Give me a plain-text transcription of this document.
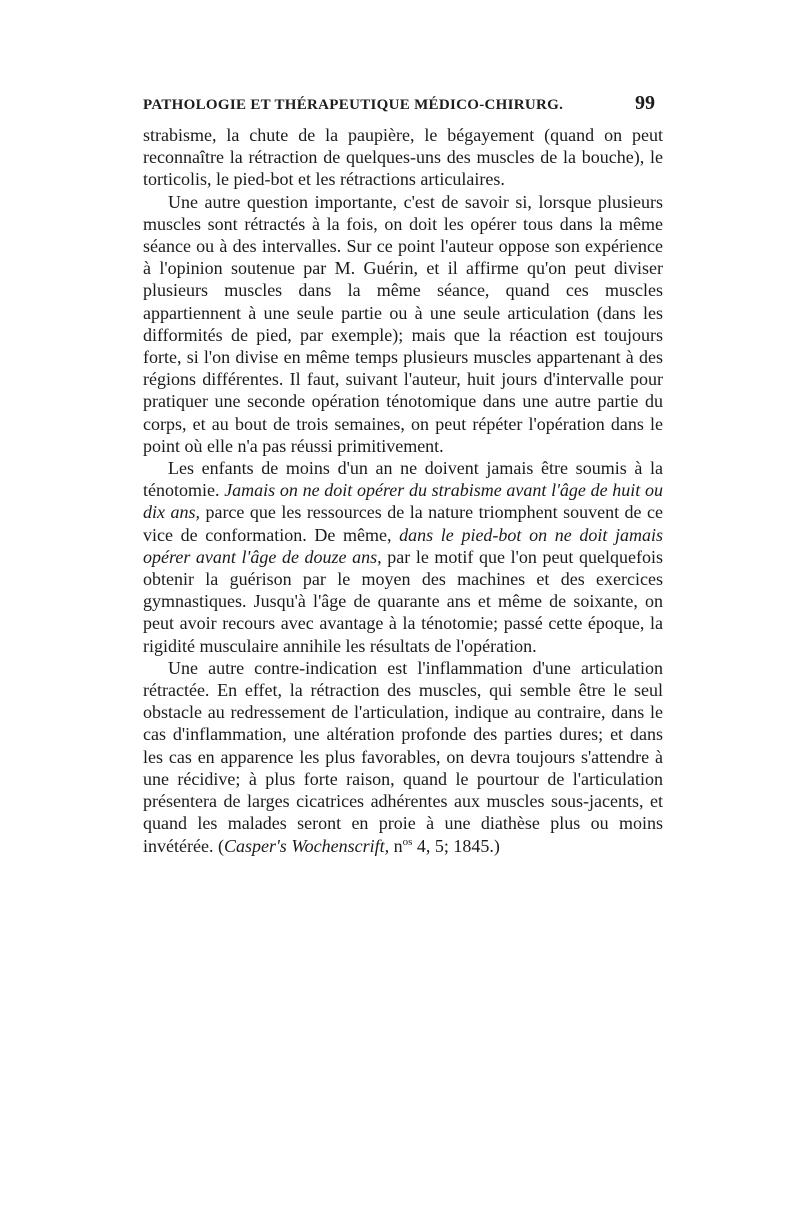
PATHOLOGIE ET THÉRAPEUTIQUE MÉDICO-CHIRURG.	99

strabisme, la chute de la paupière, le bégayement (quand on peut reconnaître la rétraction de quelques-uns des muscles de la bouche), le torticolis, le pied-bot et les rétractions articulaires.

Une autre question importante, c'est de savoir si, lorsque plusieurs muscles sont rétractés à la fois, on doit les opérer tous dans la même séance ou à des intervalles. Sur ce point l'auteur oppose son expérience à l'opinion soutenue par M. Guérin, et il affirme qu'on peut diviser plusieurs muscles dans la même séance, quand ces muscles appartiennent à une seule partie ou à une seule articulation (dans les difformités de pied, par exemple); mais que la réaction est toujours forte, si l'on divise en même temps plusieurs muscles appartenant à des régions différentes. Il faut, suivant l'auteur, huit jours d'intervalle pour pratiquer une seconde opération ténotomique dans une autre partie du corps, et au bout de trois semaines, on peut répéter l'opération dans le point où elle n'a pas réussi primitivement.

Les enfants de moins d'un an ne doivent jamais être soumis à la ténotomie. Jamais on ne doit opérer du strabisme avant l'âge de huit ou dix ans, parce que les ressources de la nature triomphent souvent de ce vice de conformation. De même, dans le pied-bot on ne doit jamais opérer avant l'âge de douze ans, par le motif que l'on peut quelquefois obtenir la guérison par le moyen des machines et des exercices gymnastiques. Jusqu'à l'âge de quarante ans et même de soixante, on peut avoir recours avec avantage à la ténotomie; passé cette époque, la rigidité musculaire annihile les résultats de l'opération.

Une autre contre-indication est l'inflammation d'une articulation rétractée. En effet, la rétraction des muscles, qui semble être le seul obstacle au redressement de l'articulation, indique au contraire, dans le cas d'inflammation, une altération profonde des parties dures; et dans les cas en apparence les plus favorables, on devra toujours s'attendre à une récidive; à plus forte raison, quand le pourtour de l'articulation présentera de larges cicatrices adhérentes aux muscles sous-jacents, et quand les malades seront en proie à une diathèse plus ou moins invétérée. (Casper's Wochenscrift, $n^{os}$ 4, 5; 1845.)
